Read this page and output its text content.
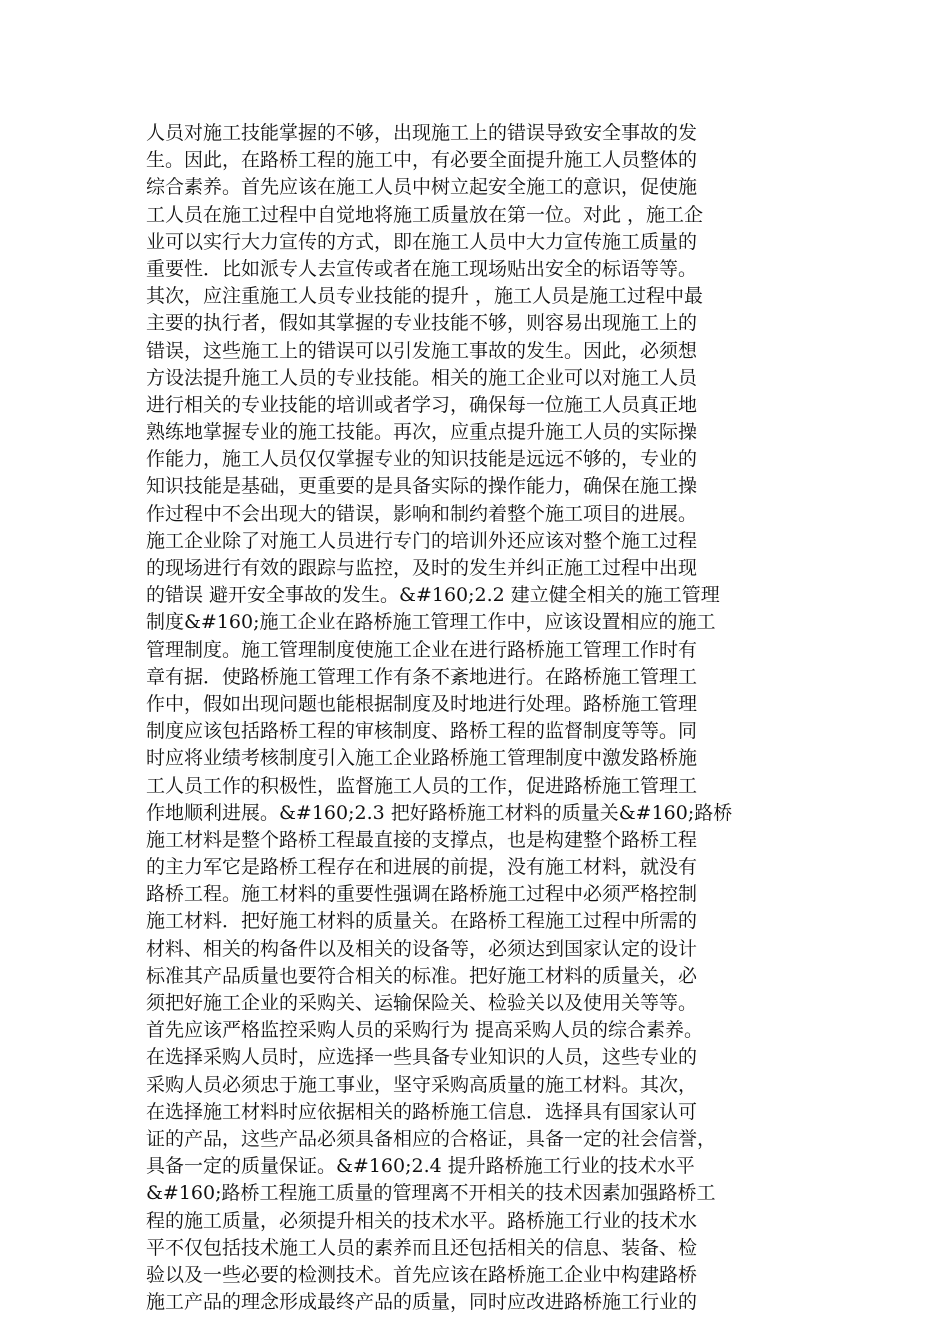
人员对施工技能掌握的不够，出现施工上的错误导致安全事故的发
生。因此，在路桥工程的施工中，有必要全面提升施工人员整体的
综合素养。首先应该在施工人员中树立起安全施工的意识，促使施
工人员在施工过程中自觉地将施工质量放在第一位。对此 ，施工企
业可以实行大力宣传的方式，即在施工人员中大力宣传施工质量的
重要性．比如派专人去宣传或者在施工现场贴出安全的标语等等。
其次，应注重施工人员专业技能的提升 ，施工人员是施工过程中最
主要的执行者，假如其掌握的专业技能不够，则容易出现施工上的
错误，这些施工上的错误可以引发施工事故的发生。因此，必须想
方设法提升施工人员的专业技能。相关的施工企业可以对施工人员
进行相关的专业技能的培训或者学习，确保每一位施工人员真正地
熟练地掌握专业的施工技能。再次，应重点提升施工人员的实际操
作能力，施工人员仅仅掌握专业的知识技能是远远不够的，专业的
知识技能是基础，更重要的是具备实际的操作能力，确保在施工操
作过程中不会出现大的错误，影响和制约着整个施工项目的进展。
施工企业除了对施工人员进行专门的培训外还应该对整个施工过程
的现场进行有效的跟踪与监控，及时的发生并纠正施工过程中出现
的错误 避开安全事故的发生。&#160;2.2 建立健全相关的施工管理
制度&#160;施工企业在路桥施工管理工作中，应该设置相应的施工
管理制度。施工管理制度使施工企业在进行路桥施工管理工作时有
章有据．使路桥施工管理工作有条不紊地进行。在路桥施工管理工
作中，假如出现问题也能根据制度及时地进行处理。路桥施工管理
制度应该包括路桥工程的审核制度、路桥工程的监督制度等等。同
时应将业绩考核制度引入施工企业路桥施工管理制度中激发路桥施
工人员工作的积极性，监督施工人员的工作，促进路桥施工管理工
作地顺利进展。&#160;2.3 把好路桥施工材料的质量关&#160;路桥
施工材料是整个路桥工程最直接的支撑点，也是构建整个路桥工程
的主力军它是路桥工程存在和进展的前提，没有施工材料，就没有
路桥工程。施工材料的重要性强调在路桥施工过程中必须严格控制
施工材料．把好施工材料的质量关。在路桥工程施工过程中所需的
材料、相关的构备件以及相关的设备等，必须达到国家认定的设计
标准其产品质量也要符合相关的标准。把好施工材料的质量关，必
须把好施工企业的采购关、运输保险关、检验关以及使用关等等。
首先应该严格监控采购人员的采购行为 提高采购人员的综合素养。
在选择采购人员时，应选择一些具备专业知识的人员，这些专业的
采购人员必须忠于施工事业，坚守采购高质量的施工材料。其次，
在选择施工材料时应依据相关的路桥施工信息．选择具有国家认可
证的产品，这些产品必须具备相应的合格证，具备一定的社会信誉，
具备一定的质量保证。&#160;2.4 提升路桥施工行业的技术水平
&#160;路桥工程施工质量的管理离不开相关的技术因素加强路桥工
程的施工质量，必须提升相关的技术水平。路桥施工行业的技术水
平不仅包括技术施工人员的素养而且还包括相关的信息、装备、检
验以及一些必要的检测技术。首先应该在路桥施工企业中构建路桥
施工产品的理念形成最终产品的质量，同时应改进路桥施工行业的
